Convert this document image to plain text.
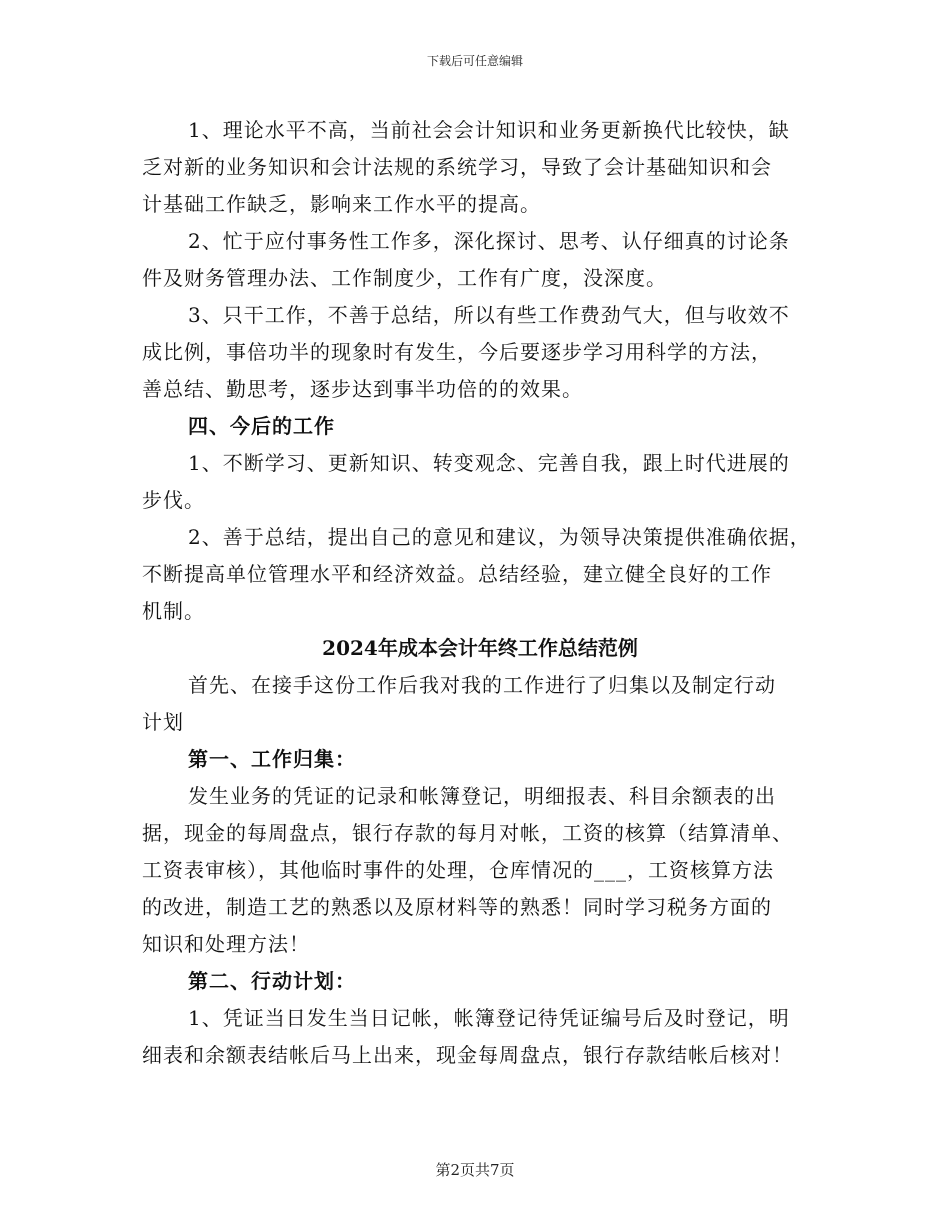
下载后可任意编辑
1、理论水平不高，当前社会会计知识和业务更新换代比较快，缺
乏对新的业务知识和会计法规的系统学习，导致了会计基础知识和会
计基础工作缺乏，影响来工作水平的提高。
2、忙于应付事务性工作多，深化探讨、思考、认仔细真的讨论条
件及财务管理办法、工作制度少，工作有广度，没深度。
3、只干工作，不善于总结，所以有些工作费劲气大，但与收效不
成比例，事倍功半的现象时有发生，今后要逐步学习用科学的方法，
善总结、勤思考，逐步达到事半功倍的的效果。
四、今后的工作
1、不断学习、更新知识、转变观念、完善自我，跟上时代进展的
步伐。
2、善于总结，提出自己的意见和建议，为领导决策提供准确依据，
不断提高单位管理水平和经济效益。总结经验，建立健全良好的工作
机制。
2024年成本会计年终工作总结范例
首先、在接手这份工作后我对我的工作进行了归集以及制定行动
计划
第一、工作归集：
发生业务的凭证的记录和帐簿登记，明细报表、科目余额表的出
据，现金的每周盘点，银行存款的每月对帐，工资的核算（结算清单、
工资表审核），其他临时事件的处理，仓库情况的___，工资核算方法
的改进，制造工艺的熟悉以及原材料等的熟悉！同时学习税务方面的
知识和处理方法！
第二、行动计划：
1、凭证当日发生当日记帐，帐簿登记待凭证编号后及时登记，明
细表和余额表结帐后马上出来，现金每周盘点，银行存款结帐后核对！
第2页共7页
